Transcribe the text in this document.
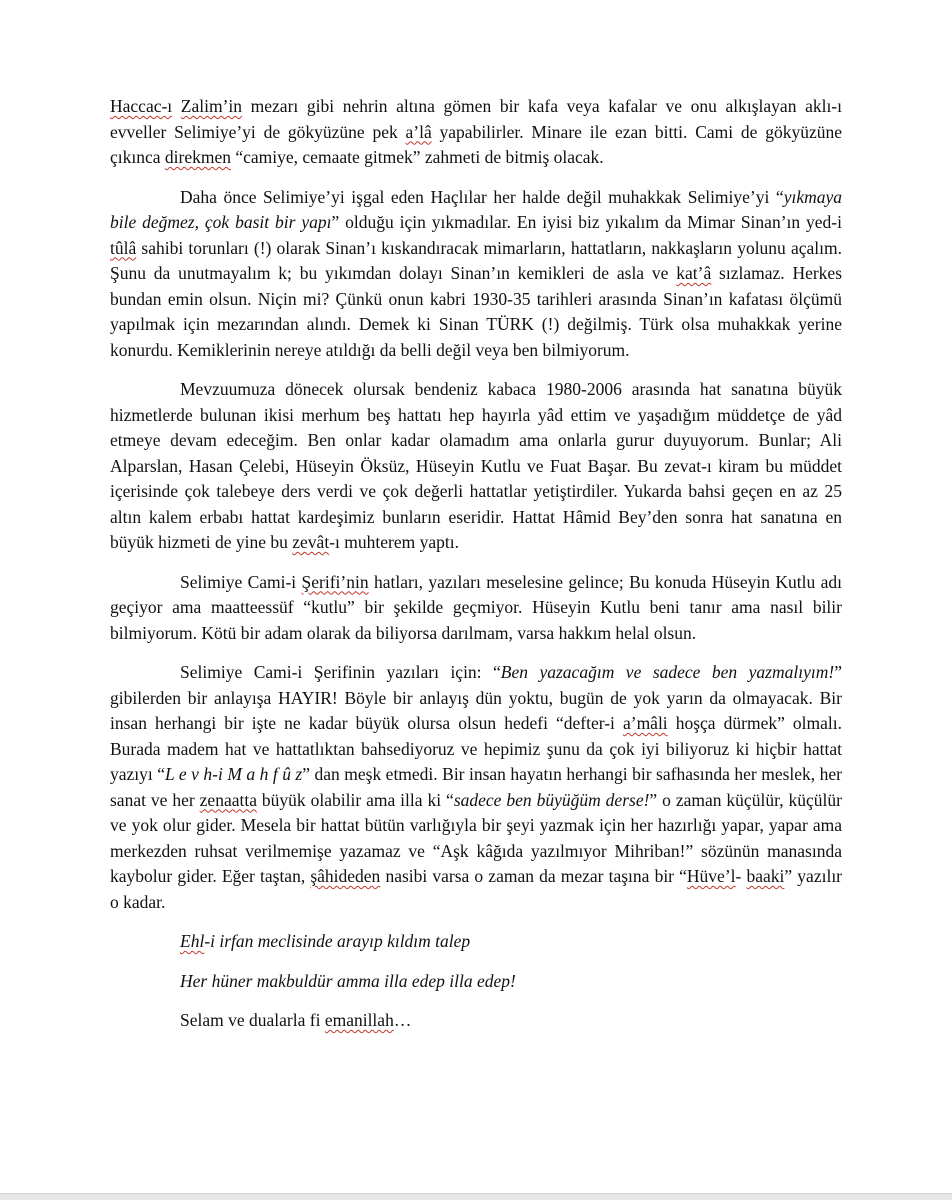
Haccac-ı Zalim’in mezarı gibi nehrin altına gömen bir kafa veya kafalar ve onu alkışlayan aklı-ı evveller Selimiye’yi de gökyüzüne pek a’lâ yapabilirler. Minare ile ezan bitti. Cami de gökyüzüne çıkınca direkmen “camiye, cemaate gitmek” zahmeti de bitmiş olacak.

Daha önce Selimiye’yi işgal eden Haçlılar her halde değil muhakkak Selimiye’yi “yıkmaya bile değmez, çok basit bir yapı” olduğu için yıkmadılar. En iyisi biz yıkalım da Mimar Sinan’ın yed-i tûlâ sahibi torunları (!) olarak Sinan’ı kıskandıracak mimarların, hattatların, nakkaşların yolunu açalım. Şunu da unutmayalım k; bu yıkımdan dolayı Sinan’ın kemikleri de asla ve kat’â sızlamaz. Herkes bundan emin olsun. Niçin mi? Çünkü onun kabri 1930-35 tarihleri arasında Sinan’ın kafatası ölçümü yapılmak için mezarından alındı. Demek ki Sinan TÜRK (!) değilmiş. Türk olsa muhakkak yerine konurdu. Kemiklerinin nereye atıldığı da belli değil veya ben bilmiyorum.

Mevzuumuza dönecek olursak bendeniz kabaca 1980-2006 arasında hat sanatına büyük hizmetlerde bulunan ikisi merhum beş hattatı hep hayırla yâd ettim ve yaşadığım müddetçe de yâd etmeye devam edeceğim. Ben onlar kadar olamadım ama onlarla gurur duyuyorum. Bunlar; Ali Alparslan, Hasan Çelebi, Hüseyin Öksüz, Hüseyin Kutlu ve Fuat Başar. Bu zevat-ı kiram bu müddet içerisinde çok talebeye ders verdi ve çok değerli hattatlar yetiştirdiler. Yukarda bahsi geçen en az 25 altın kalem erbabı hattat kardeşimiz bunların eseridir. Hattat Hâmid Bey’den sonra hat sanatına en büyük hizmeti de yine bu zevât-ı muhterem yaptı.

Selimiye Cami-i Şerifi’nin hatları, yazıları meselesine gelince; Bu konuda Hüseyin Kutlu adı geçiyor ama maatteessüf “kutlu” bir şekilde geçmiyor. Hüseyin Kutlu beni tanır ama nasıl bilir bilmiyorum. Kötü bir adam olarak da biliyorsa darılmam, varsa hakkım helal olsun.

Selimiye Cami-i Şerifinin yazıları için: “Ben yazacağım ve sadece ben yazmalıyım!” gibilerden bir anlayışa HAYIR! Böyle bir anlayış dün yoktu, bugün de yok yarın da olmayacak. Bir insan herhangi bir işte ne kadar büyük olursa olsun hedefi “defter-i a’mâli hoşça dürmek” olmalı. Burada madem hat ve hattatlıktan bahsediyoruz ve hepimiz şunu da çok iyi biliyoruz ki hiçbir hattat yazıyı “L e v h-i M a h f û z” dan meşk etmedi. Bir insan hayatın herhangi bir safhasında her meslek, her sanat ve her zenaatta büyük olabilir ama illa ki “sadece ben büyüğüm derse!” o zaman küçülür, küçülür ve yok olur gider. Mesela bir hattat bütün varlığıyla bir şeyi yazmak için her hazırlığı yapar, yapar ama merkezden ruhsat verilmemişe yazamaz ve “Aşk kâğıda yazılmıyor Mihriban!” sözünün manasında kaybolur gider. Eğer taştan, şâhideden nasibi varsa o zaman da mezar taşına bir “Hüve’l- baaki” yazılır o kadar.

Ehl-i irfan meclisinde arayıp kıldım talep

Her hüner makbuldür amma illa edep illa edep!

Selam ve dualarla fi emanillah…
